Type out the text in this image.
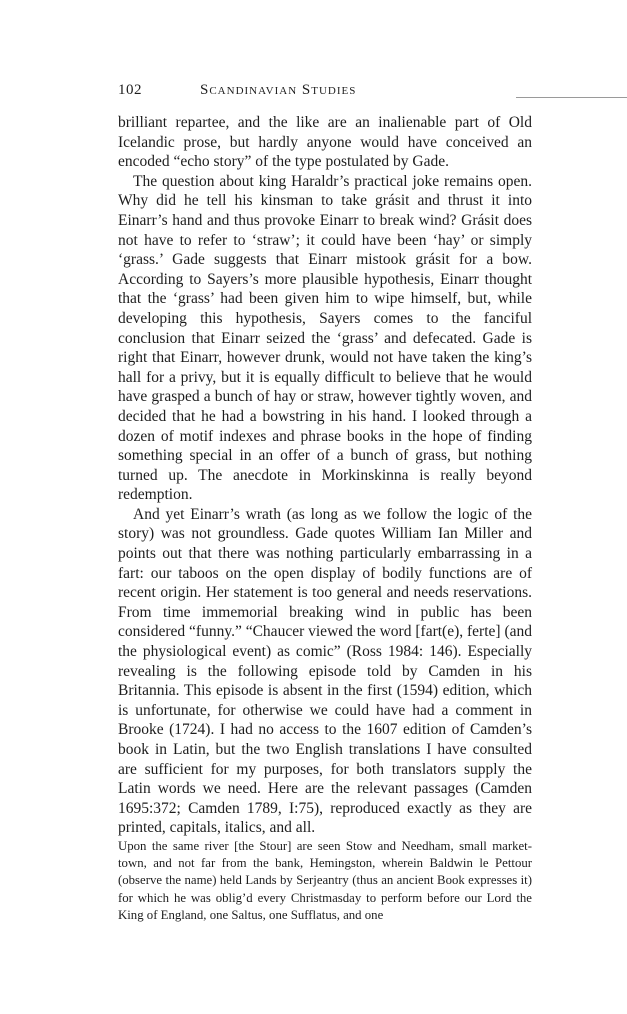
102	Scandinavian Studies

brilliant repartee, and the like are an inalienable part of Old Icelandic prose, but hardly anyone would have conceived an encoded “echo story” of the type postulated by Gade.

The question about king Haraldr’s practical joke remains open. Why did he tell his kinsman to take grásit and thrust it into Einarr’s hand and thus provoke Einarr to break wind? Grásit does not have to refer to ‘straw’; it could have been ‘hay’ or simply ‘grass.’ Gade suggests that Einarr mistook grásit for a bow. According to Sayers’s more plausible hypothesis, Einarr thought that the ‘grass’ had been given him to wipe himself, but, while developing this hypothesis, Sayers comes to the fanciful conclusion that Einarr seized the ‘grass’ and defecated. Gade is right that Einarr, however drunk, would not have taken the king’s hall for a privy, but it is equally difficult to believe that he would have grasped a bunch of hay or straw, however tightly woven, and decided that he had a bowstring in his hand. I looked through a dozen of motif indexes and phrase books in the hope of finding something special in an offer of a bunch of grass, but nothing turned up. The anecdote in Morkinskinna is really beyond redemption.

And yet Einarr’s wrath (as long as we follow the logic of the story) was not groundless. Gade quotes William Ian Miller and points out that there was nothing particularly embarrassing in a fart: our taboos on the open display of bodily functions are of recent origin. Her statement is too general and needs reservations. From time immemorial breaking wind in public has been considered “funny.” “Chaucer viewed the word [fart(e), ferte] (and the physiological event) as comic” (Ross 1984: 146). Especially revealing is the following episode told by Camden in his Britannia. This episode is absent in the first (1594) edition, which is unfortunate, for otherwise we could have had a comment in Brooke (1724). I had no access to the 1607 edition of Camden’s book in Latin, but the two English translations I have consulted are sufficient for my purposes, for both translators supply the Latin words we need. Here are the relevant passages (Camden 1695:372; Camden 1789, I:75), reproduced exactly as they are printed, capitals, italics, and all.

Upon the same river [the Stour] are seen Stow and Needham, small market-town, and not far from the bank, Hemingston, wherein Baldwin le Pettour (observe the name) held Lands by Serjeantry (thus an ancient Book expresses it) for which he was oblig’d every Christmasday to perform before our Lord the King of England, one Saltus, one Sufflatus, and one
